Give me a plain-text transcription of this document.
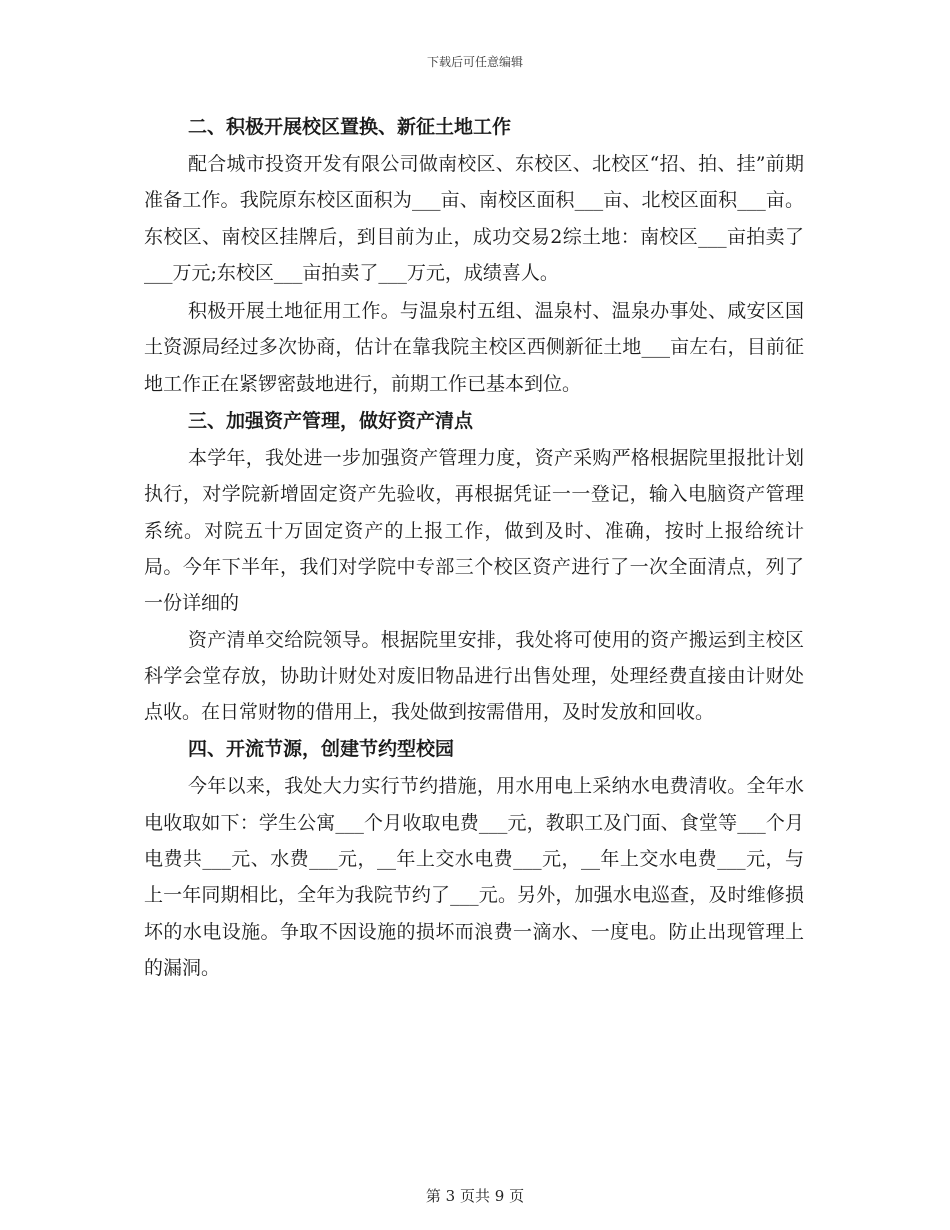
下载后可任意编辑
二、积极开展校区置换、新征土地工作

配合城市投资开发有限公司做南校区、东校区、北校区“招、拍、挂”前期准备工作。我院原东校区面积为___亩、南校区面积___亩、北校区面积___亩。东校区、南校区挂牌后，到目前为止，成功交易2综土地：南校区___亩拍卖了___万元;东校区___亩拍卖了___万元，成绩喜人。

积极开展土地征用工作。与温泉村五组、温泉村、温泉办事处、咸安区国土资源局经过多次协商，估计在靠我院主校区西侧新征土地___亩左右，目前征地工作正在紧锣密鼓地进行，前期工作已基本到位。

三、加强资产管理，做好资产清点

本学年，我处进一步加强资产管理力度，资产采购严格根据院里报批计划执行，对学院新增固定资产先验收，再根据凭证一一登记，输入电脑资产管理系统。对院五十万固定资产的上报工作，做到及时、准确，按时上报给统计局。今年下半年，我们对学院中专部三个校区资产进行了一次全面清点，列了一份详细的

资产清单交给院领导。根据院里安排，我处将可使用的资产搬运到主校区科学会堂存放，协助计财处对废旧物品进行出售处理，处理经费直接由计财处点收。在日常财物的借用上，我处做到按需借用，及时发放和回收。

四、开流节源，创建节约型校园

今年以来，我处大力实行节约措施，用水用电上采纳水电费清收。全年水电收取如下：学生公寓___个月收取电费___元，教职工及门面、食堂等___个月电费共___元、水费___元，__年上交水电费___元，__年上交水电费___元，与上一年同期相比，全年为我院节约了___元。另外，加强水电巡查，及时维修损坏的水电设施。争取不因设施的损坏而浪费一滴水、一度电。防止出现管理上的漏洞。

第 3 页共 9 页
